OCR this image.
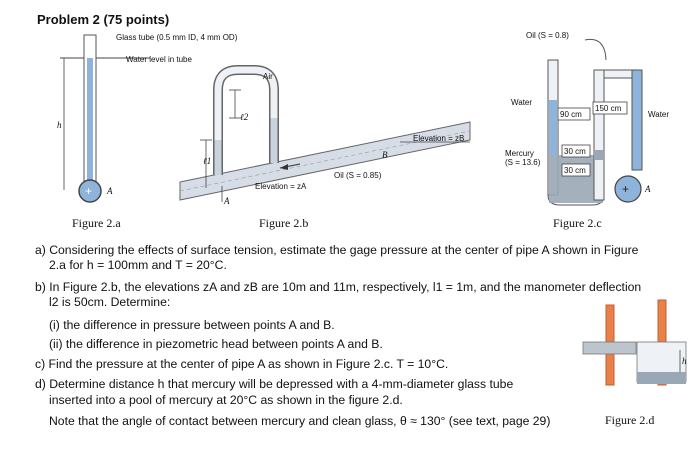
Problem 2 (75 points)
+
Glass tube (0.5 mm ID, 4 mm OD)
Water level in tube
h
A
Figure 2.a
Air
ℓ2
ℓ1
Oil (S = 0.85)
Elevation = zA
Elevation = zB
A
B
Figure 2.b
+
Oil (S = 0.8)
Water
Water
Mercury
(S = 13.6)
90 cm
150 cm
30 cm
30 cm
A
Figure 2.c
a) Considering the effects of surface tension, estimate the gage pressure at the center of pipe A shown in Figure
2.a for h = 100mm and T = 20°C.
b) In Figure 2.b, the elevations zA and zB are 10m and 11m, respectively, l1 = 1m, and the manometer deflection
l2 is 50cm. Determine:
(i) the difference in pressure between points A and B.
(ii) the difference in piezometric head between points A and B.
c) Find the pressure at the center of pipe A as shown in Figure 2.c. T = 10°C.
d) Determine distance h that mercury will be depressed with a 4-mm-diameter glass tube
inserted into a pool of mercury at 20°C as shown in the figure 2.d.
Note that the angle of contact between mercury and clean glass, θ ≈ 130° (see text, page 29)
h
Figure 2.d
